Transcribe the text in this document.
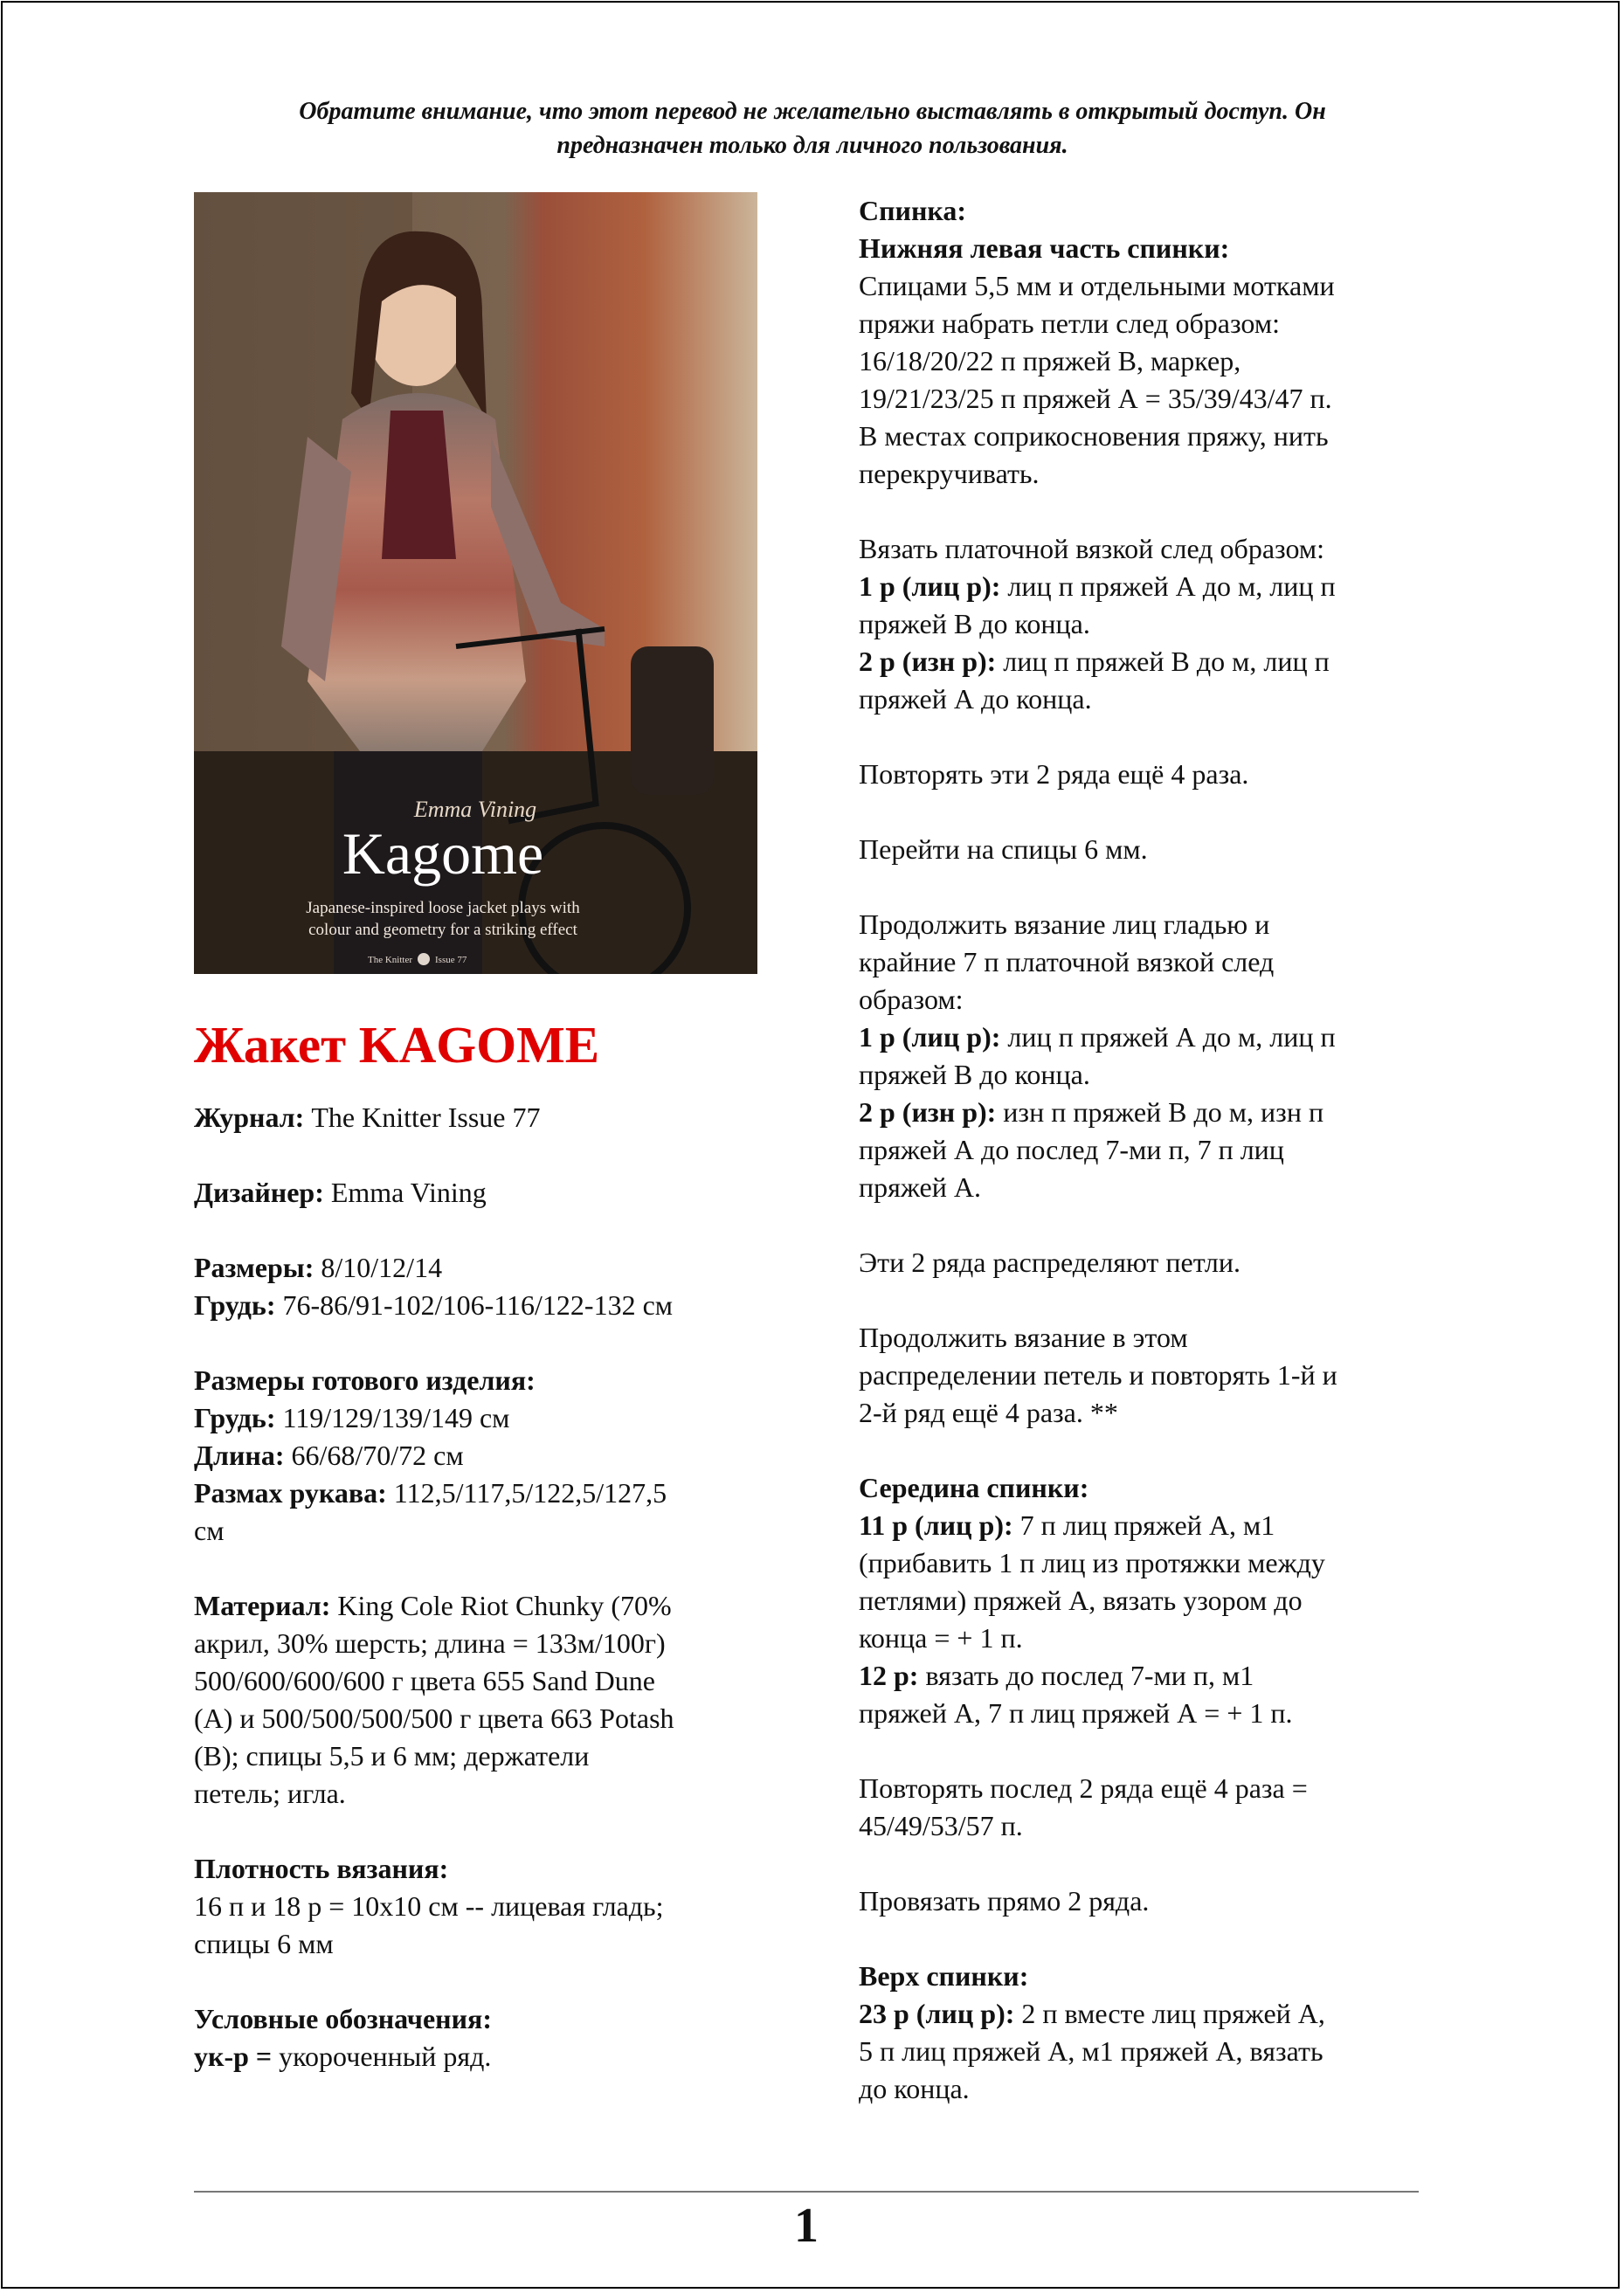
Обратите внимание, что этот перевод не желательно выставлять в открытый доступ. Он
предназначен только для личного пользования.
Emma Vining
Kagome
Japanese-inspired loose jacket plays with
colour and geometry for a striking effect
The Knitter Issue 77
Жакет KAGOME
Журнал: The Knitter Issue 77
Дизайнер: Emma Vining
Размеры: 8/10/12/14
Грудь: 76-86/91-102/106-116/122-132 см
Размеры готового изделия:
Грудь: 119/129/139/149 см
Длина: 66/68/70/72 см
Размах рукава: 112,5/117,5/122,5/127,5
см
Материал: King Cole Riot Chunky (70%
акрил, 30% шерсть; длина = 133м/100г)
500/600/600/600 г цвета 655 Sand Dune
(А) и 500/500/500/500 г цвета 663 Potash
(В); спицы 5,5 и 6 мм; держатели
петель; игла.
Плотность вязания:
16 п и 18 р = 10х10 см -- лицевая гладь;
спицы 6 мм
Условные обозначения:
ук-р = укороченный ряд.
Спинка:
Нижняя левая часть спинки:
Спицами 5,5 мм и отдельными мотками
пряжи набрать петли след образом:
16/18/20/22 п пряжей В, маркер,
19/21/23/25 п пряжей А = 35/39/43/47 п.
В местах соприкосновения пряжу, нить
перекручивать.
Вязать платочной вязкой след образом:
1 р (лиц р): лиц п пряжей А до м, лиц п
пряжей В до конца.
2 р (изн р): лиц п пряжей В до м, лиц п
пряжей А до конца.
Повторять эти 2 ряда ещё 4 раза.
Перейти на спицы 6 мм.
Продолжить вязание лиц гладью и
крайние 7 п платочной вязкой след
образом:
1 р (лиц р): лиц п пряжей А до м, лиц п
пряжей В до конца.
2 р (изн р): изн п пряжей В до м, изн п
пряжей А до послед 7-ми п, 7 п лиц
пряжей А.
Эти 2 ряда распределяют петли.
Продолжить вязание в этом
распределении петель и повторять 1-й и
2-й ряд ещё 4 раза. **
Середина спинки:
11 р (лиц р): 7 п лиц пряжей А, м1
(прибавить 1 п лиц из протяжки между
петлями) пряжей А, вязать узором до
конца = + 1 п.
12 р: вязать до послед 7-ми п, м1
пряжей А, 7 п лиц пряжей А = + 1 п.
Повторять послед 2 ряда ещё 4 раза =
45/49/53/57 п.
Провязать прямо 2 ряда.
Верх спинки:
23 р (лиц р): 2 п вместе лиц пряжей А,
5 п лиц пряжей А, м1 пряжей А, вязать
до конца.
1
